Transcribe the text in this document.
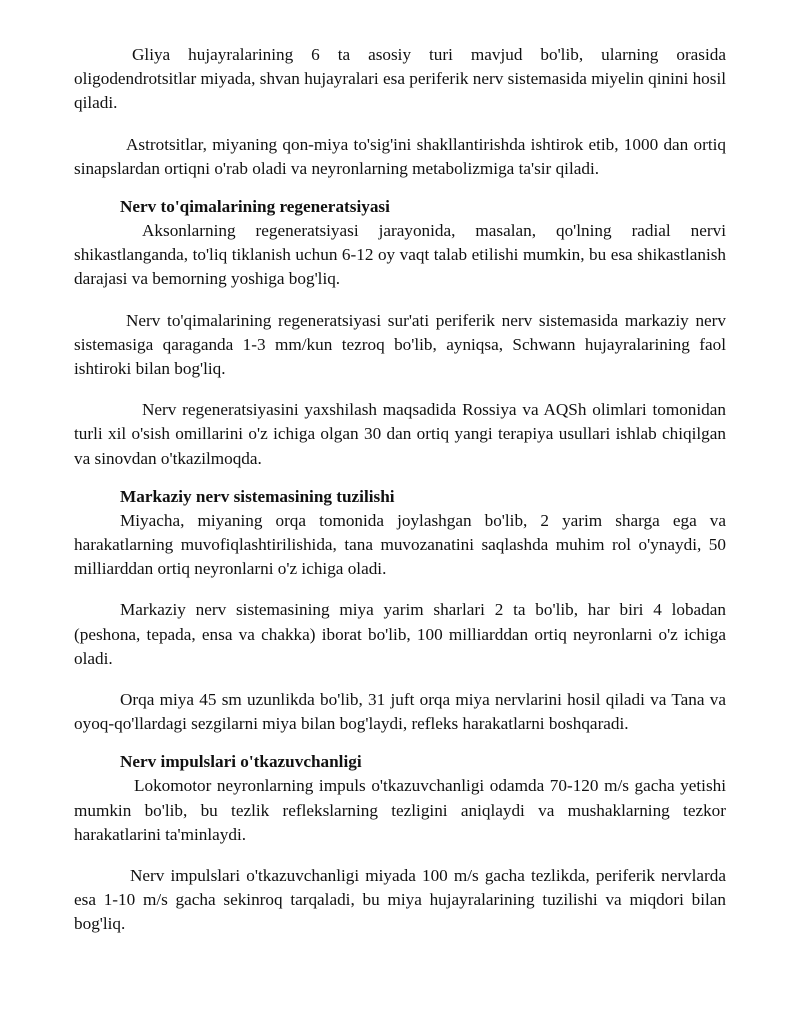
Gliya hujayralarining 6 ta asosiy turi mavjud bo'lib, ularning orasida oligodendrotsitlar miyada, shvan hujayralari esa periferik nerv sistemasida miyelin qinini hosil qiladi.

Astrotsitlar, miyaning qon-miya to'sig'ini shakllantirishda ishtirok etib, 1000 dan ortiq sinapslardan ortiqni o'rab oladi va neyronlarning metabolizmiga ta'sir qiladi.

Nerv to'qimalarining regeneratsiyasi

Aksonlarning regeneratsiyasi jarayonida, masalan, qo'lning radial nervi shikastlanganda, to'liq tiklanish uchun 6-12 oy vaqt talab etilishi mumkin, bu esa shikastlanish darajasi va bemorning yoshiga bog'liq.

Nerv to'qimalarining regeneratsiyasi sur'ati periferik nerv sistemasida markaziy nerv sistemasiga qaraganda 1-3 mm/kun tezroq bo'lib, ayniqsa, Schwann hujayralarining faol ishtiroki bilan bog'liq.

Nerv regeneratsiyasini yaxshilash maqsadida Rossiya va AQSh olimlari tomonidan turli xil o'sish omillarini o'z ichiga olgan 30 dan ortiq yangi terapiya usullari ishlab chiqilgan va sinovdan o'tkazilmoqda.

Markaziy nerv sistemasining tuzilishi

Miyacha, miyaning orqa tomonida joylashgan bo'lib, 2 yarim sharga ega va harakatlarning muvofiqlashtirilishida, tana muvozanatini saqlashda muhim rol o'ynaydi, 50 milliarddan ortiq neyronlarni o'z ichiga oladi.

Markaziy nerv sistemasining miya yarim sharlari 2 ta bo'lib, har biri 4 lobadan (peshona, tepada, ensa va chakka) iborat bo'lib, 100 milliarddan ortiq neyronlarni o'z ichiga oladi.

Orqa miya 45 sm uzunlikda bo'lib, 31 juft orqa miya nervlarini hosil qiladi va Tana va oyoq-qo'llardagi sezgilarni miya bilan bog'laydi, refleks harakatlarni boshqaradi.

Nerv impulslari o'tkazuvchanligi

Lokomotor neyronlarning impuls o'tkazuvchanligi odamda 70-120 m/s gacha yetishi mumkin bo'lib, bu tezlik reflekslarning tezligini aniqlaydi va mushaklarning tezkor harakatlarini ta'minlaydi.

Nerv impulslari o'tkazuvchanligi miyada 100 m/s gacha tezlikda, periferik nervlarda esa 1-10 m/s gacha sekinroq tarqaladi, bu miya hujayralarining tuzilishi va miqdori bilan bog'liq.
